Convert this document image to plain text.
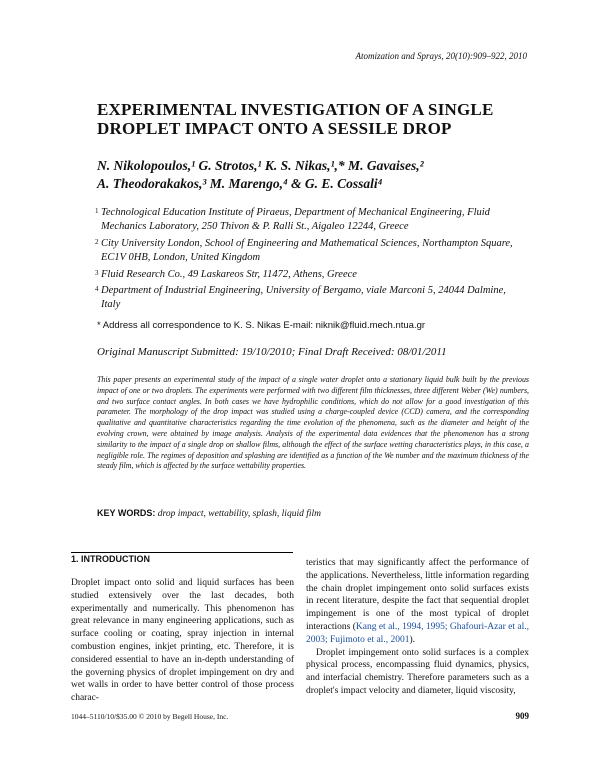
Atomization and Sprays, 20(10):909–922, 2010
EXPERIMENTAL INVESTIGATION OF A SINGLE DROPLET IMPACT ONTO A SESSILE DROP
N. Nikolopoulos,¹ G. Strotos,¹ K. S. Nikas,¹,* M. Gavaises,²
A. Theodorakakos,³ M. Marengo,⁴ & G. E. Cossali⁴
1 Technological Education Institute of Piraeus, Department of Mechanical Engineering, Fluid Mechanics Laboratory, 250 Thivon & P. Ralli St., Aigaleo 12244, Greece
2 City University London, School of Engineering and Mathematical Sciences, Northampton Square, EC1V 0HB, London, United Kingdom
3 Fluid Research Co., 49 Laskareos Str, 11472, Athens, Greece
4 Department of Industrial Engineering, University of Bergamo, viale Marconi 5, 24044 Dalmine, Italy
* Address all correspondence to K. S. Nikas E-mail: niknik@fluid.mech.ntua.gr
Original Manuscript Submitted: 19/10/2010; Final Draft Received: 08/01/2011
This paper presents an experimental study of the impact of a single water droplet onto a stationary liquid bulk built by the previous impact of one or two droplets. The experiments were performed with two different film thicknesses, three different Weber (We) numbers, and two surface contact angles. In both cases we have hydrophilic conditions, which do not allow for a good investigation of this parameter. The morphology of the drop impact was studied using a charge-coupled device (CCD) camera, and the corresponding qualitative and quantitative characteristics regarding the time evolution of the phenomena, such as the diameter and height of the evolving crown, were obtained by image analysis. Analysis of the experimental data evidences that the phenomenon has a strong similarity to the impact of a single drop on shallow films, although the effect of the surface wetting characteristics plays, in this case, a negligible role. The regimes of deposition and splashing are identified as a function of the We number and the maximum thickness of the steady film, which is affected by the surface wettability properties.
KEY WORDS: drop impact, wettability, splash, liquid film
1. INTRODUCTION

Droplet impact onto solid and liquid surfaces has been studied extensively over the last decades, both experimentally and numerically. This phenomenon has great relevance in many engineering applications, such as surface cooling or coating, spray injection in internal combustion engines, inkjet printing, etc. Therefore, it is considered essential to have an in-depth understanding of the governing physics of droplet impingement on dry and wet walls in order to have better control of those process charac-

teristics that may significantly affect the performance of the applications. Nevertheless, little information regarding the chain droplet impingement onto solid surfaces exists in recent literature, despite the fact that sequential droplet impingement is one of the most typical of droplet interactions (Kang et al., 1994, 1995; Ghafouri-Azar et al., 2003; Fujimoto et al., 2001).

Droplet impingement onto solid surfaces is a complex physical process, encompassing fluid dynamics, physics, and interfacial chemistry. Therefore parameters such as a droplet's impact velocity and diameter, liquid viscosity,

1044–5110/10/$35.00 © 2010 by Begell House, Inc.	909
